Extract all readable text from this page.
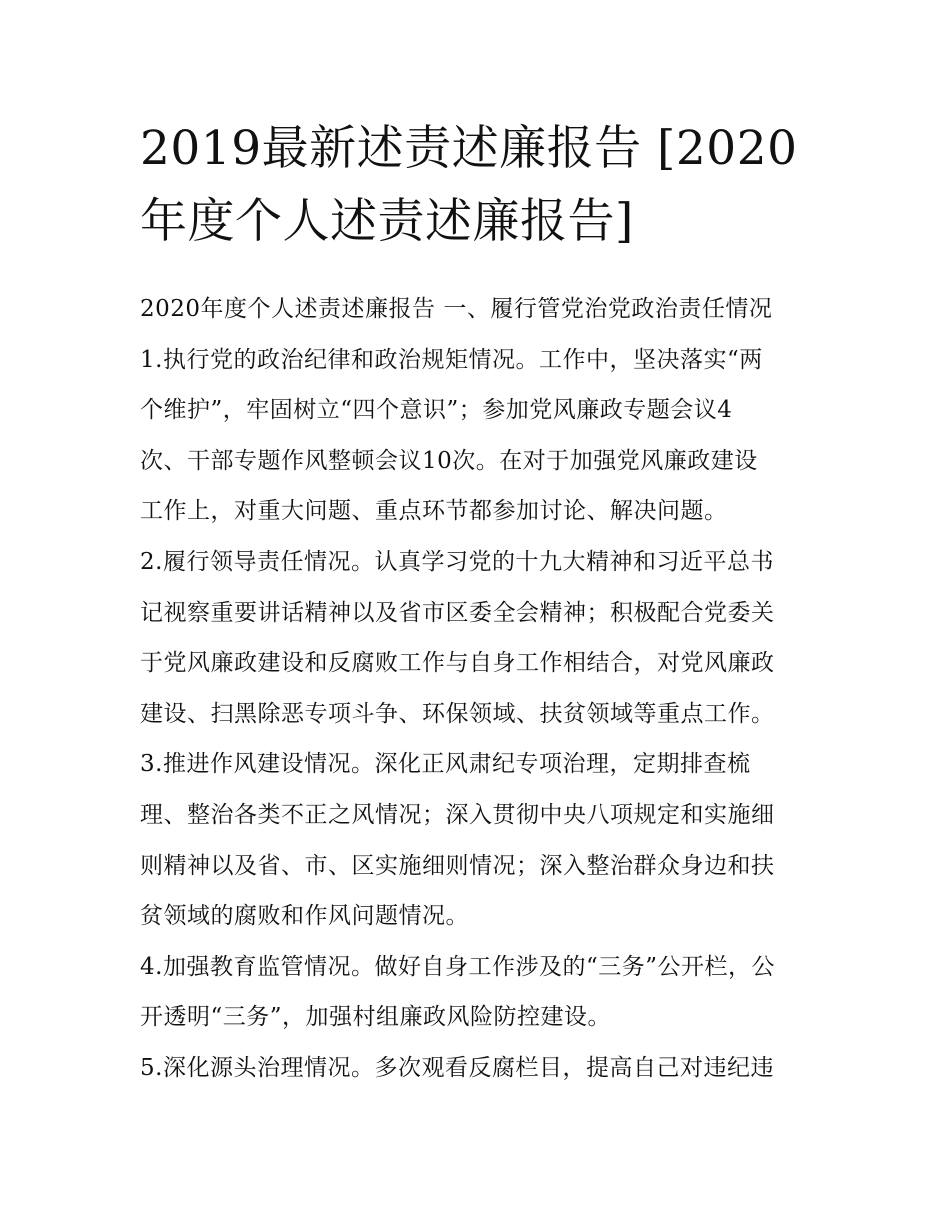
2019最新述责述廉报告 [2020
年度个人述责述廉报告]
2020年度个人述责述廉报告 一、履行管党治党政治责任情况
1.执行党的政治纪律和政治规矩情况。工作中，坚决落实“两
个维护”，牢固树立“四个意识”；参加党风廉政专题会议4
次、干部专题作风整顿会议10次。在对于加强党风廉政建设
工作上，对重大问题、重点环节都参加讨论、解决问题。
2.履行领导责任情况。认真学习党的十九大精神和习近平总书
记视察重要讲话精神以及省市区委全会精神；积极配合党委关
于党风廉政建设和反腐败工作与自身工作相结合，对党风廉政
建设、扫黑除恶专项斗争、环保领域、扶贫领域等重点工作。
3.推进作风建设情况。深化正风肃纪专项治理，定期排查梳
理、整治各类不正之风情况；深入贯彻中央八项规定和实施细
则精神以及省、市、区实施细则情况；深入整治群众身边和扶
贫领域的腐败和作风问题情况。
4.加强教育监管情况。做好自身工作涉及的“三务”公开栏，公
开透明“三务”，加强村组廉政风险防控建设。
5.深化源头治理情况。多次观看反腐栏目，提高自己对违纪违
